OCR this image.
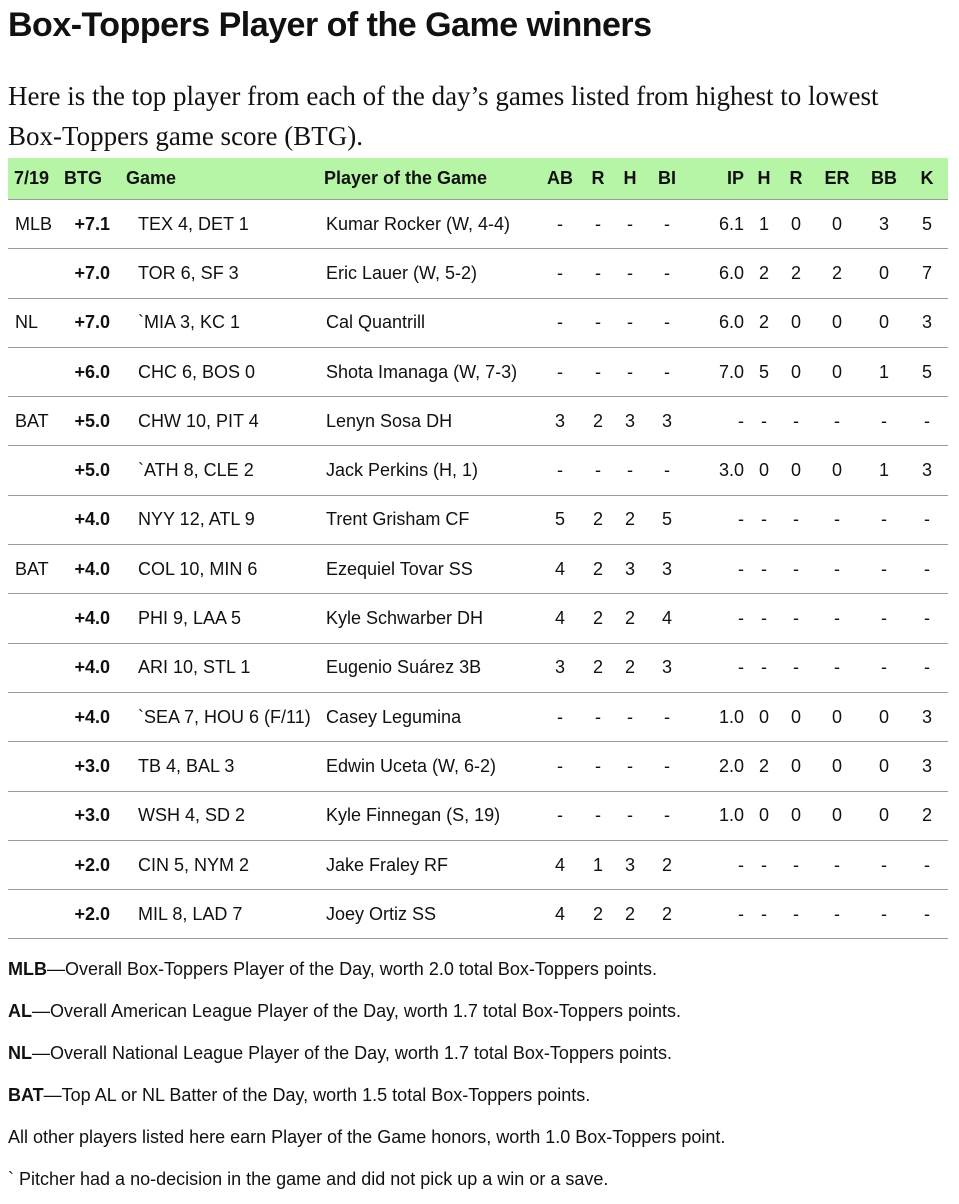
Box-Toppers Player of the Game winners

Here is the top player from each of the day’s games listed from highest to lowest Box-Toppers game score (BTG).

7/19	BTG	Game	Player of the Game	AB	R	H	BI	IP	H	R	ER	BB	K
MLB	+7.1	TEX 4, DET 1	Kumar Rocker (W, 4-4)	-	-	-	-	6.1	1	0	0	3	5
	+7.0	TOR 6, SF 3	Eric Lauer (W, 5-2)	-	-	-	-	6.0	2	2	2	0	7
NL	+7.0	`MIA 3, KC 1	Cal Quantrill	-	-	-	-	6.0	2	0	0	0	3
	+6.0	CHC 6, BOS 0	Shota Imanaga (W, 7-3)	-	-	-	-	7.0	5	0	0	1	5
BAT	+5.0	CHW 10, PIT 4	Lenyn Sosa DH	3	2	3	3	-	-	-	-	-	-
	+5.0	`ATH 8, CLE 2	Jack Perkins (H, 1)	-	-	-	-	3.0	0	0	0	1	3
	+4.0	NYY 12, ATL 9	Trent Grisham CF	5	2	2	5	-	-	-	-	-	-
BAT	+4.0	COL 10, MIN 6	Ezequiel Tovar SS	4	2	3	3	-	-	-	-	-	-
	+4.0	PHI 9, LAA 5	Kyle Schwarber DH	4	2	2	4	-	-	-	-	-	-
	+4.0	ARI 10, STL 1	Eugenio Suárez 3B	3	2	2	3	-	-	-	-	-	-
	+4.0	`SEA 7, HOU 6 (F/11)	Casey Legumina	-	-	-	-	1.0	0	0	0	0	3
	+3.0	TB 4, BAL 3	Edwin Uceta (W, 6-2)	-	-	-	-	2.0	2	0	0	0	3
	+3.0	WSH 4, SD 2	Kyle Finnegan (S, 19)	-	-	-	-	1.0	0	0	0	0	2
	+2.0	CIN 5, NYM 2	Jake Fraley RF	4	1	3	2	-	-	-	-	-	-
	+2.0	MIL 8, LAD 7	Joey Ortiz SS	4	2	2	2	-	-	-	-	-	-
MLB—Overall Box-Toppers Player of the Day, worth 2.0 total Box-Toppers points.
AL—Overall American League Player of the Day, worth 1.7 total Box-Toppers points.
NL—Overall National League Player of the Day, worth 1.7 total Box-Toppers points.
BAT—Top AL or NL Batter of the Day, worth 1.5 total Box-Toppers points.
All other players listed here earn Player of the Game honors, worth 1.0 Box-Toppers point.
` Pitcher had a no-decision in the game and did not pick up a win or a save.
